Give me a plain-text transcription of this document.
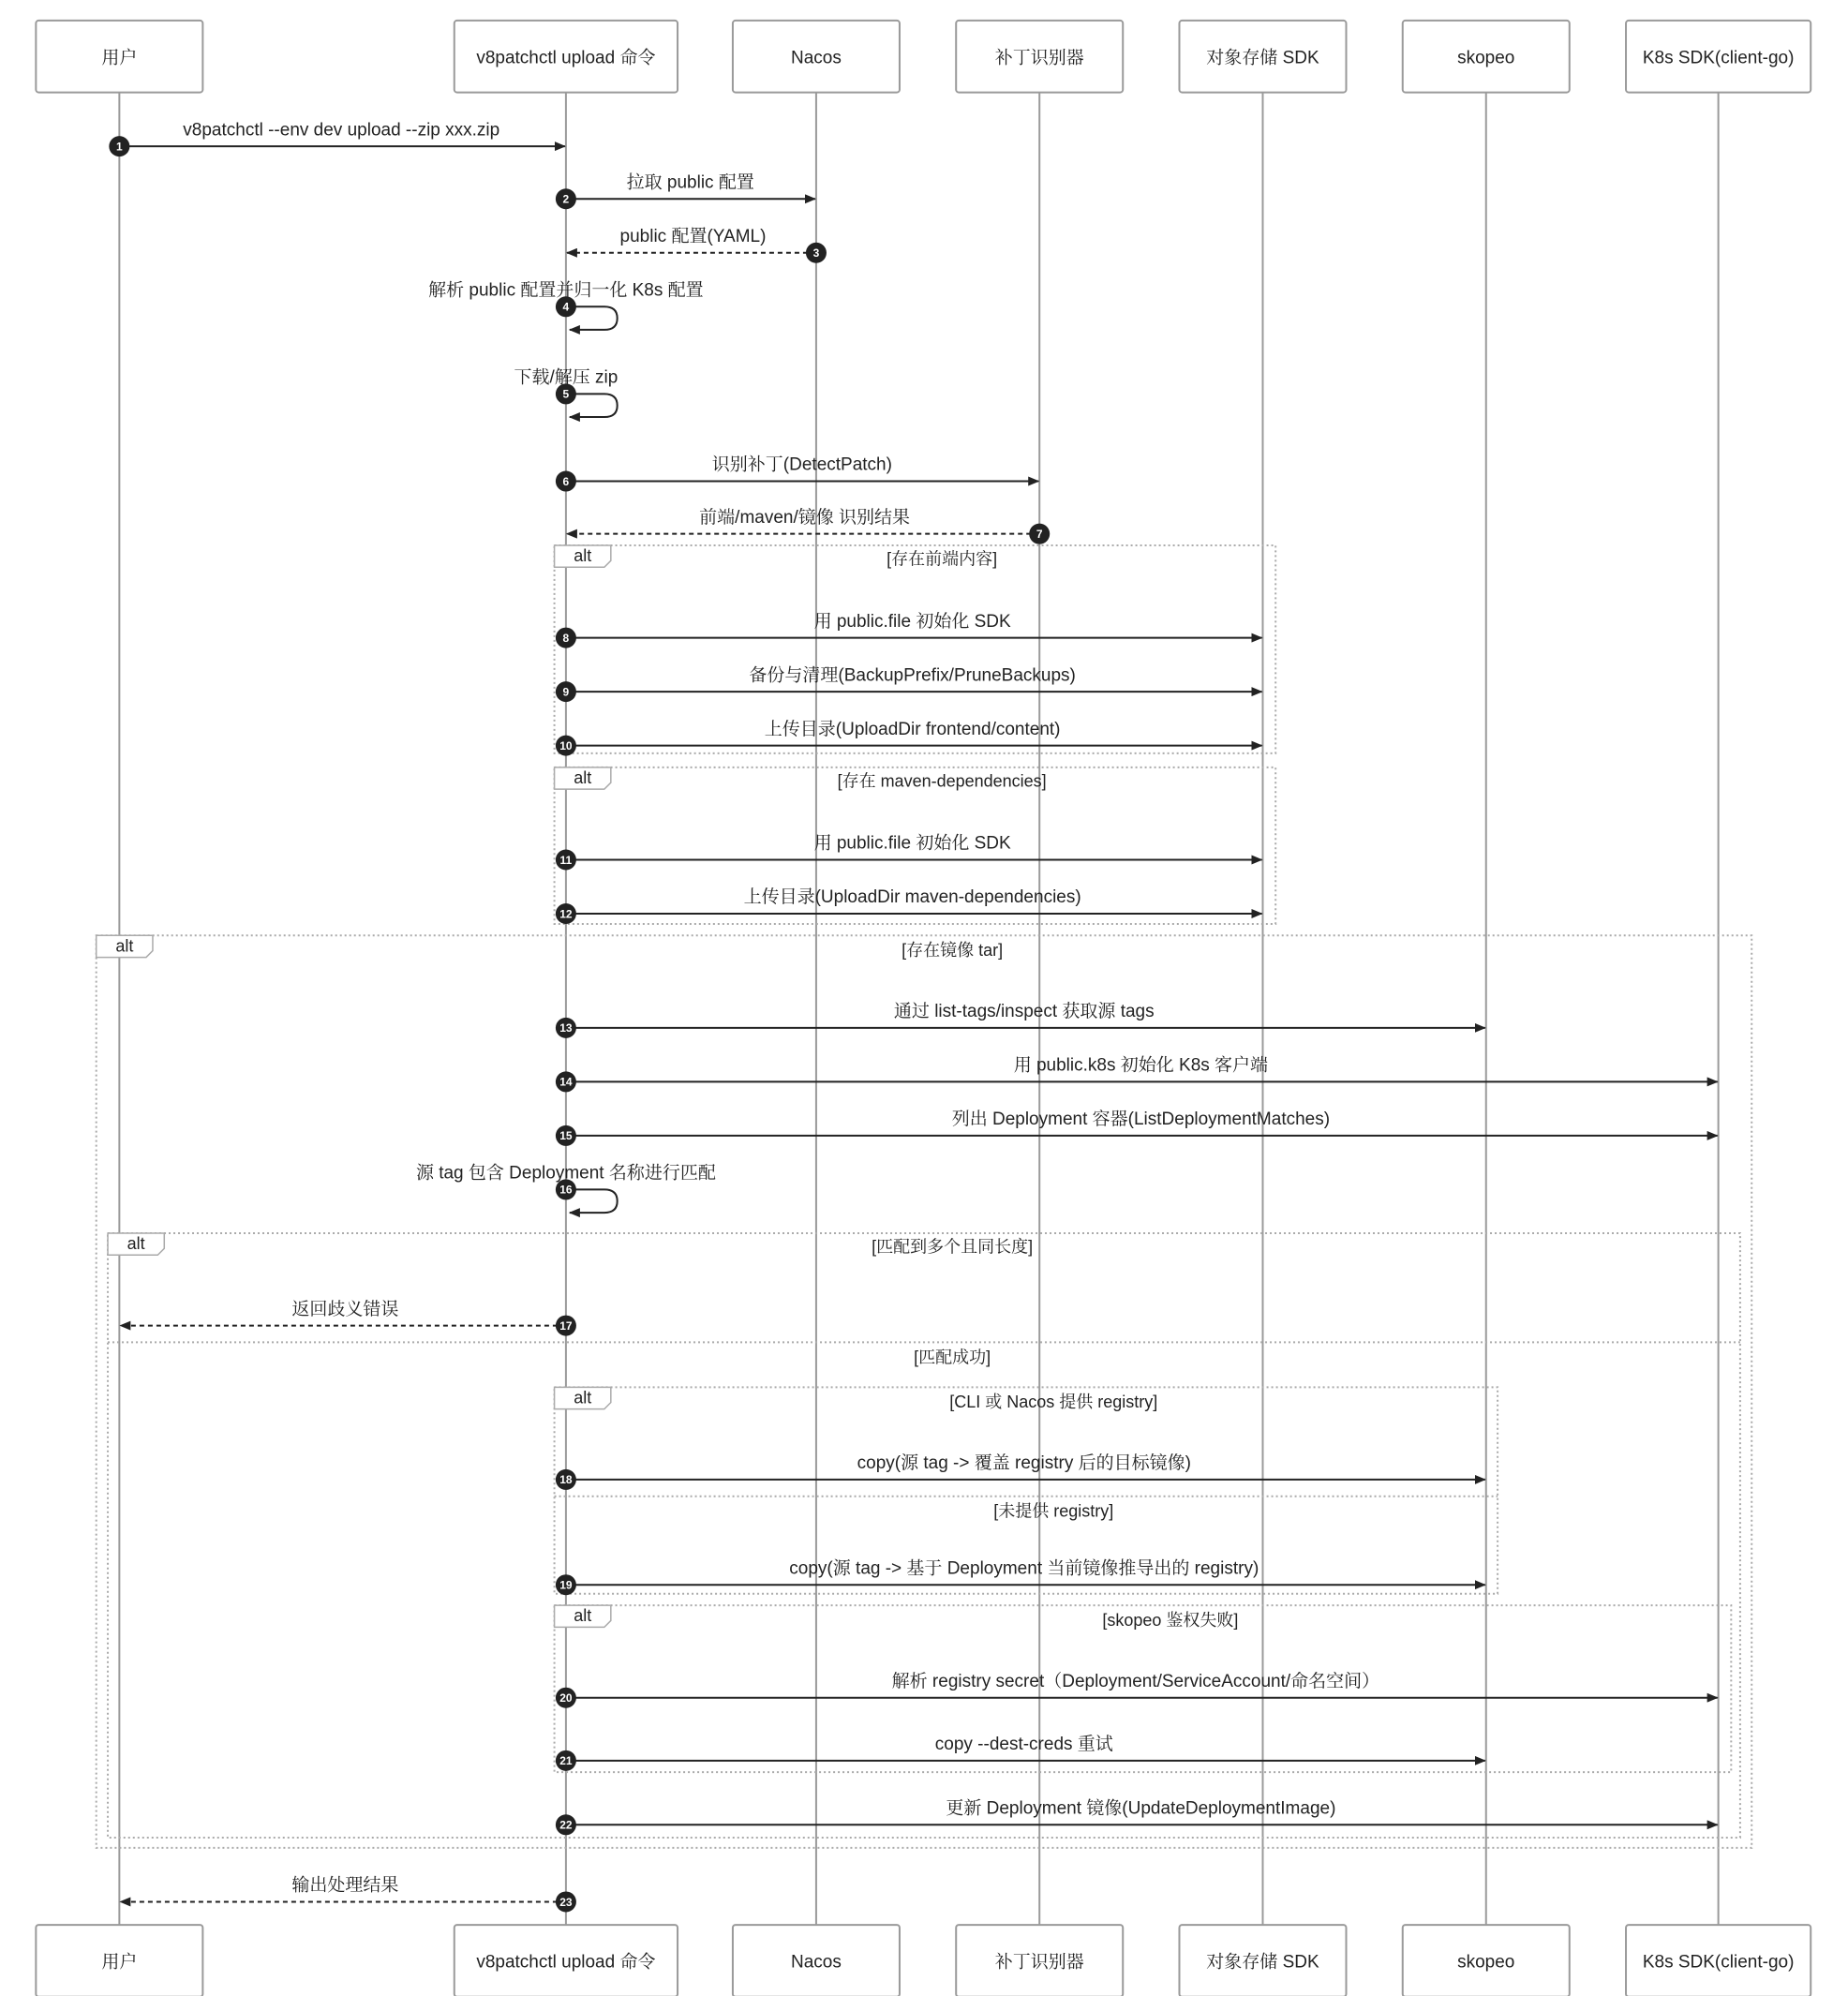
alt	[存在前端内容]
alt	[存在 maven-dependencies]
alt	[存在镜像 tar]
alt	[匹配到多个且同长度]
[匹配成功]
alt	[CLI 或 Nacos 提供 registry]
[未提供 registry]
alt	[skopeo 鉴权失败]
1
v8patchctl --env dev upload --zip xxx.zip
2
拉取 public 配置
3
public 配置(YAML)
4
解析 public 配置并归一化 K8s 配置
5
下载/解压 zip
6
识别补丁(DetectPatch)
7
前端/maven/镜像 识别结果
8
用 public.file 初始化 SDK
9
备份与清理(BackupPrefix/PruneBackups)
10
上传目录(UploadDir frontend/content)
11
用 public.file 初始化 SDK
12
上传目录(UploadDir maven-dependencies)
13
通过 list-tags/inspect 获取源 tags
14
用 public.k8s 初始化 K8s 客户端
15
列出 Deployment 容器(ListDeploymentMatches)
16
源 tag 包含 Deployment 名称进行匹配
17
返回歧义错误
18
copy(源 tag -> 覆盖 registry 后的目标镜像)
19
copy(源 tag -> 基于 Deployment 当前镜像推导出的 registry)
20
解析 registry secret（Deployment/ServiceAccount/命名空间）
21
copy --dest-creds 重试
22
更新 Deployment 镜像(UpdateDeploymentImage)
23
输出处理结果
用户
用户
v8patchctl upload 命令
v8patchctl upload 命令
Nacos
Nacos
补丁识别器
补丁识别器
对象存储 SDK
对象存储 SDK
skopeo
skopeo
K8s SDK(client-go)
K8s SDK(client-go)
